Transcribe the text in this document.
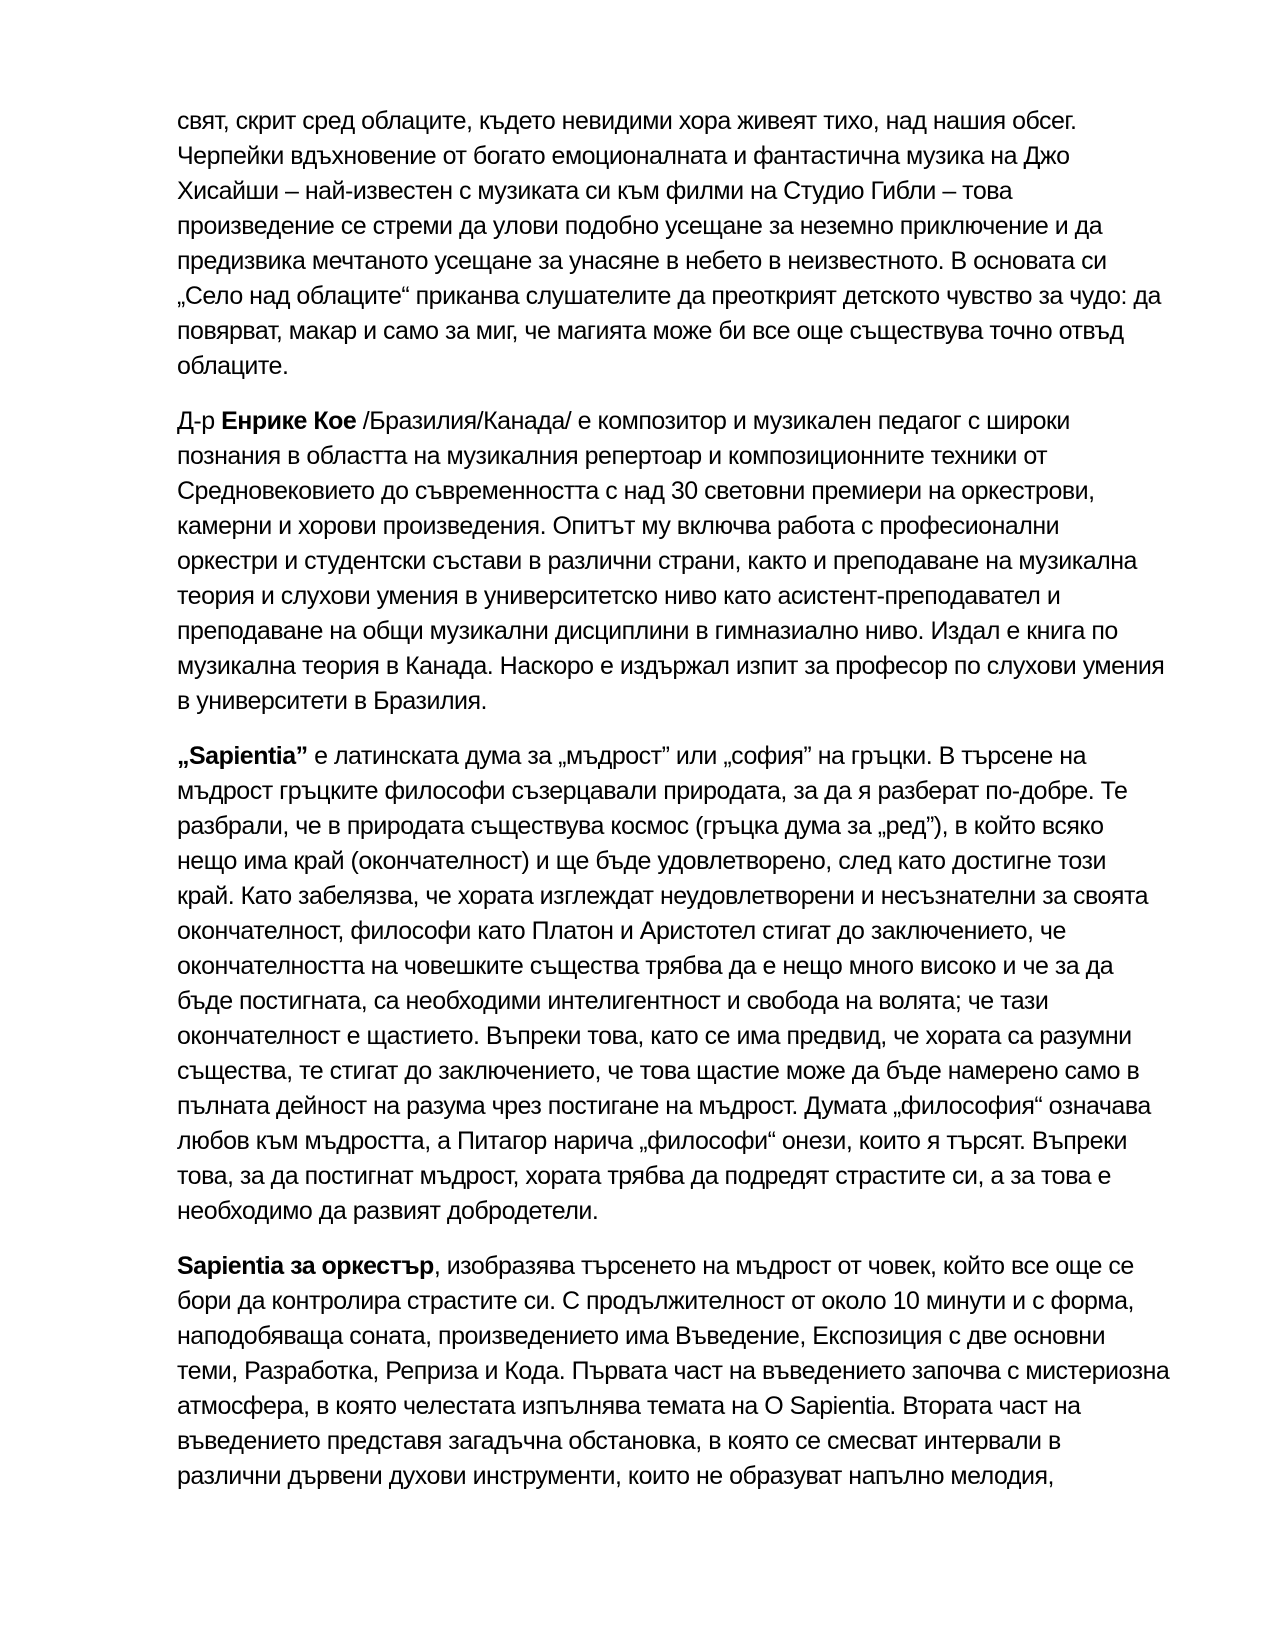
свят, скрит сред облаците, където невидими хора живеят тихо, над нашия обсег.
Черпейки вдъхновение от богато емоционалната и фантастична музика на Джо
Хисайши – най-известен с музиката си към филми на Студио Гибли – това
произведение се стреми да улови подобно усещане за неземно приключение и да
предизвика мечтаното усещане за унасяне в небето в неизвестното. В основата си
„Село над облаците“ приканва слушателите да преоткрият детското чувство за чудо: да
повярват, макар и само за миг, че магията може би все още съществува точно отвъд
облаците.
Д-р Енрике Кое /Бразилия/Канада/ е композитор и музикален педагог с широки
познания в областта на музикалния репертоар и композиционните техники от
Средновековието до съвременността с над 30 световни премиери на оркестрови,
камерни и хорови произведения. Опитът му включва работа с професионални
оркестри и студентски състави в различни страни, както и преподаване на музикална
теория и слухови умения в университетско ниво като асистент-преподавател и
преподаване на общи музикални дисциплини в гимназиално ниво. Издал е книга по
музикална теория в Канада. Наскоро е издържал изпит за професор по слухови умения
в университети в Бразилия.
„Sapientia” е латинската дума за „мъдрост” или „софия” на гръцки. В търсене на
мъдрост гръцките философи съзерцавали природата, за да я разберат по-добре. Те
разбрали, че в природата съществува космос (гръцка дума за „ред”), в който всяко
нещо има край (окончателност) и ще бъде удовлетворено, след като достигне този
край. Като забелязва, че хората изглеждат неудовлетворени и несъзнателни за своята
окончателност, философи като Платон и Аристотел стигат до заключението, че
окончателността на човешките същества трябва да е нещо много високо и че за да
бъде постигната, са необходими интелигентност и свобода на волята; че тази
окончателност е щастието. Въпреки това, като се има предвид, че хората са разумни
същества, те стигат до заключението, че това щастие може да бъде намерено само в
пълната дейност на разума чрез постигане на мъдрост. Думата „философия“ означава
любов към мъдростта, а Питагор нарича „философи“ онези, които я търсят. Въпреки
това, за да постигнат мъдрост, хората трябва да подредят страстите си, а за това е
необходимо да развият добродетели.
Sapientia за оркестър, изобразява търсенето на мъдрост от човек, който все още се
бори да контролира страстите си. С продължителност от около 10 минути и с форма,
наподобяваща соната, произведението има Въведение, Експозиция с две основни
теми, Разработка, Реприза и Кода. Първата част на въведението започва с мистериозна
атмосфера, в която челестата изпълнява темата на O Sapientia. Втората част на
въведението представя загадъчна обстановка, в която се смесват интервали в
различни дървени духови инструменти, които не образуват напълно мелодия,
